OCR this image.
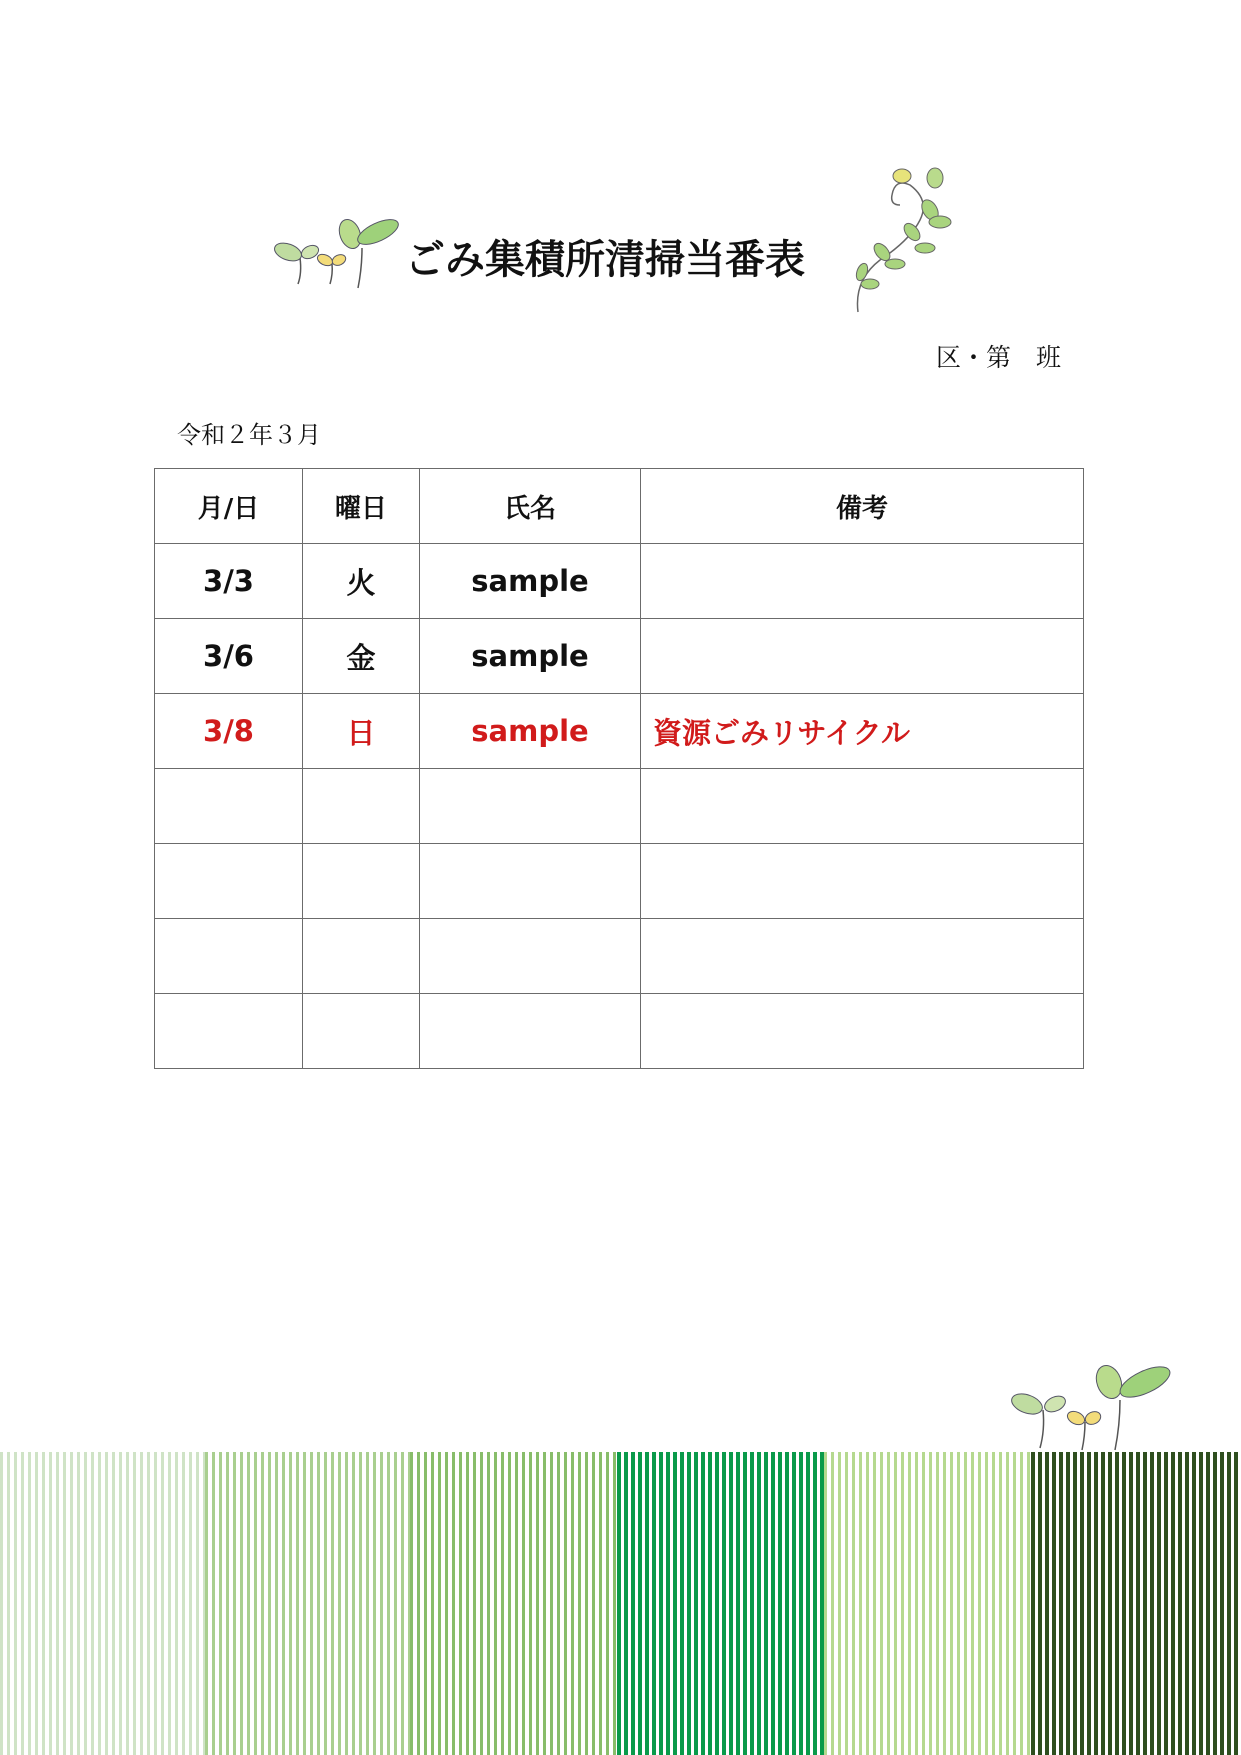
ごみ集積所清掃当番表
区・第　班
令和２年３月
月/日	曜日	氏名	備考
3/3	火	sample	
3/6	金	sample	
3/8	日	sample	資源ごみリサイクル
